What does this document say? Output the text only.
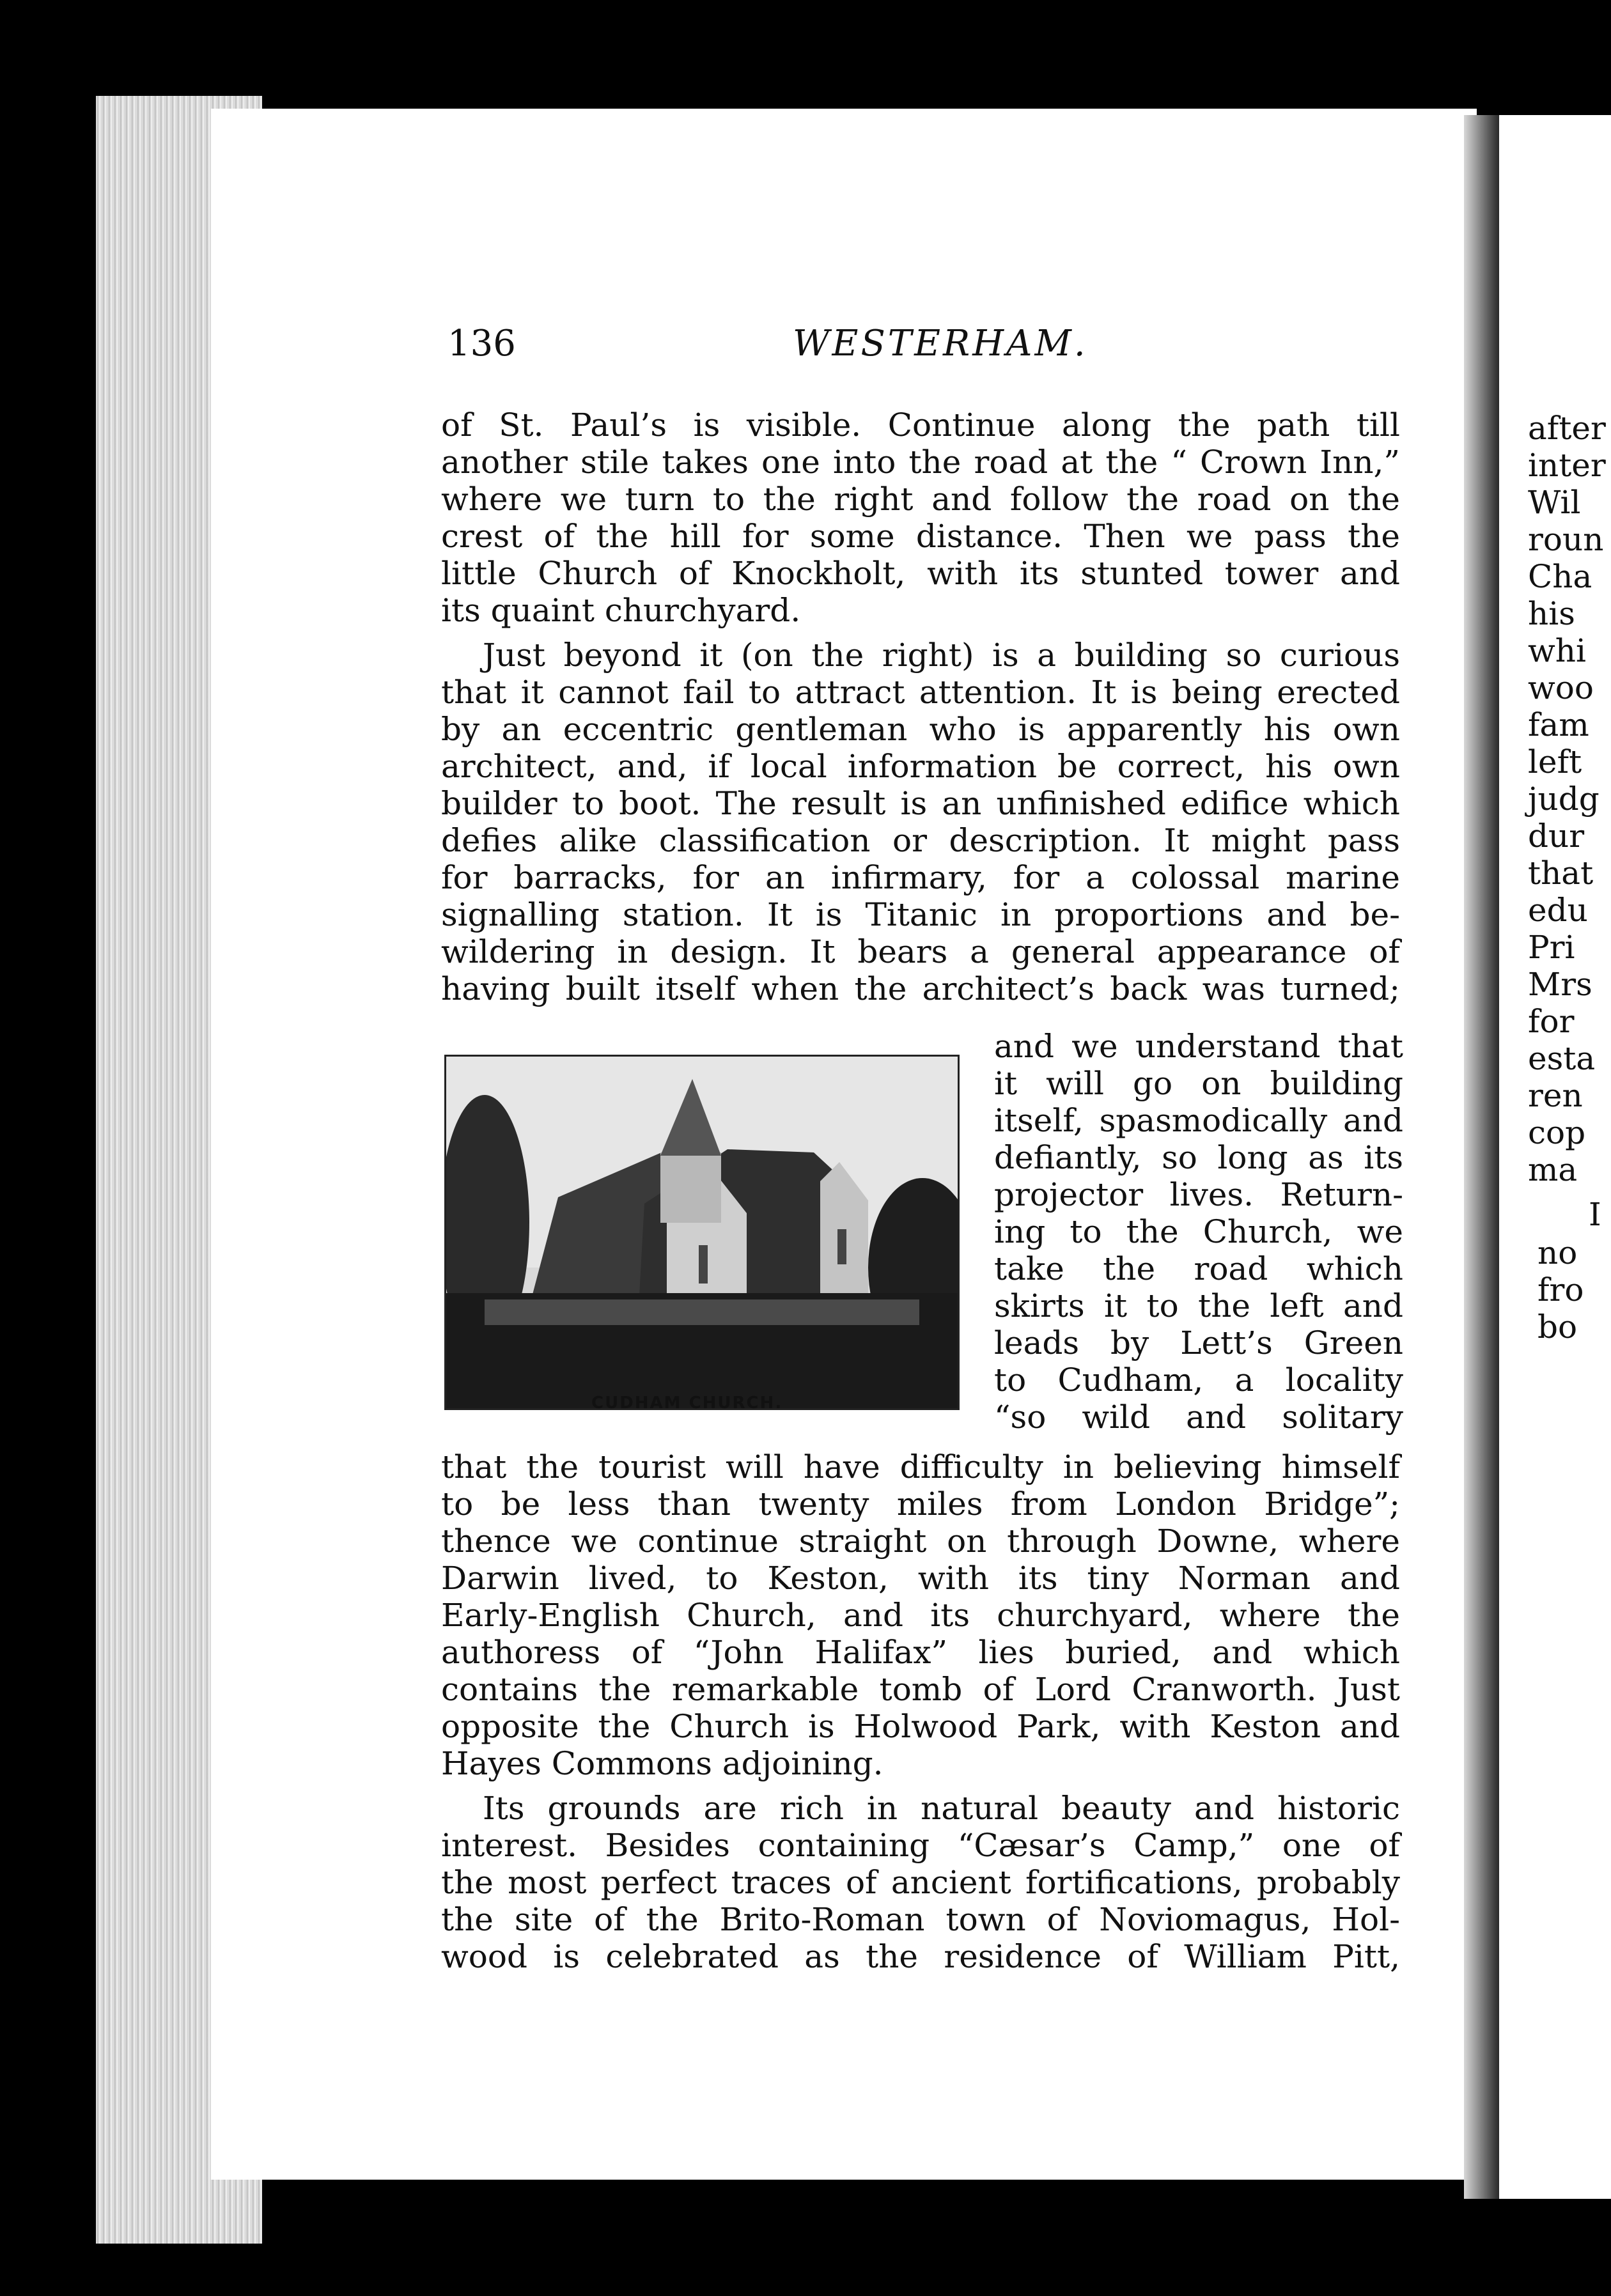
after
inter
Wil
roun
Cha
his
whi
woo
fam
left
judg
dur
that
edu
Pri
Mrs
for
esta
ren
cop
ma
I
no
fro
bo
136	WESTERHAM.
of St. Paul’s is visible. Continue along the path till
another stile takes one into the road at the “ Crown Inn,”
where we turn to the right and follow the road on the
crest of the hill for some distance. Then we pass the
little Church of Knockholt, with its stunted tower and
its quaint churchyard.
Just beyond it (on the right) is a building so curious
that it cannot fail to attract attention. It is being erected
by an eccentric gentleman who is apparently his own
architect, and, if local information be correct, his own
builder to boot. The result is an unfinished edifice which
defies alike classification or description. It might pass
for barracks, for an infirmary, for a colossal marine
signalling station. It is Titanic in proportions and be-
wildering in design. It bears a general appearance of
having built itself when the architect’s back was turned;
CUDHAM CHURCH.
and we understand that
it will go on building
itself, spasmodically and
defiantly, so long as its
projector lives. Return-
ing to the Church, we
take the road which
skirts it to the left and
leads by Lett’s Green
to Cudham, a locality
“so wild and solitary
that the tourist will have difficulty in believing himself
to be less than twenty miles from London Bridge”;
thence we continue straight on through Downe, where
Darwin lived, to Keston, with its tiny Norman and
Early-English Church, and its churchyard, where the
authoress of “John Halifax” lies buried, and which
contains the remarkable tomb of Lord Cranworth. Just
opposite the Church is Holwood Park, with Keston and
Hayes Commons adjoining.
Its grounds are rich in natural beauty and historic
interest. Besides containing “Cæsar’s Camp,” one of
the most perfect traces of ancient fortifications, probably
the site of the Brito-Roman town of Noviomagus, Hol-
wood is celebrated as the residence of William Pitt,
